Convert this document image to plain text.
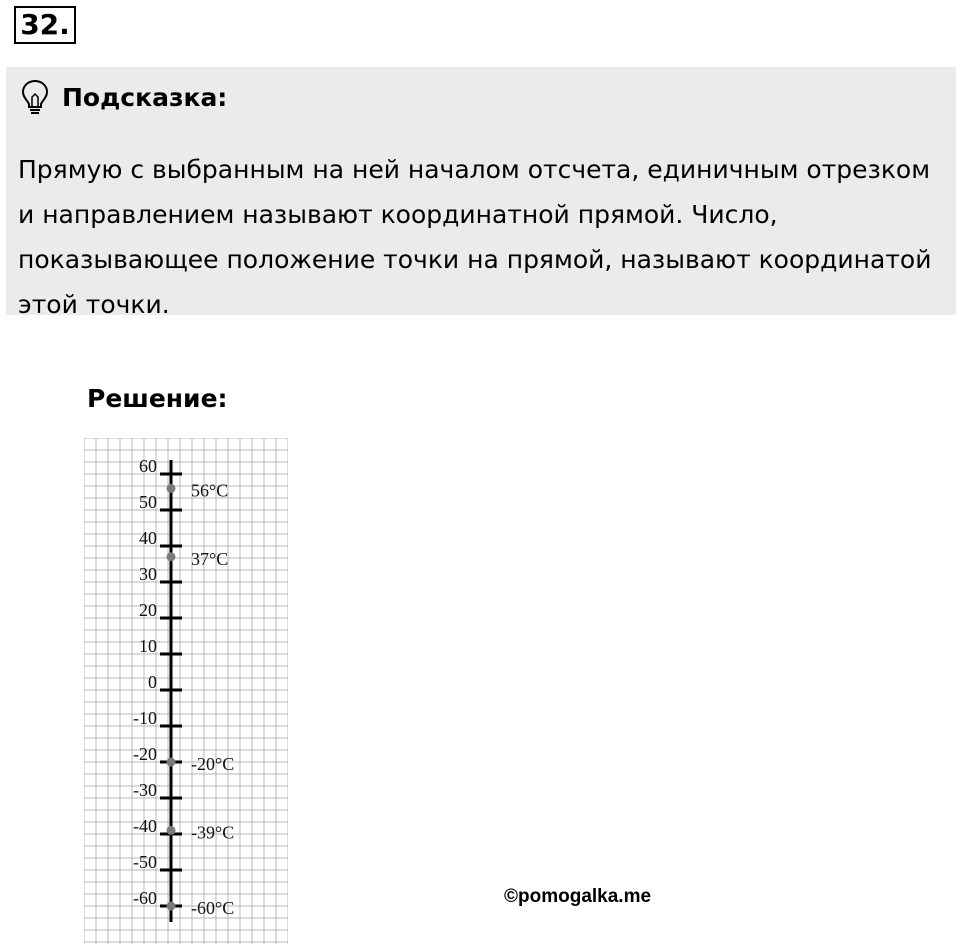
32.
Подсказка:

Прямую с выбранным на ней началом отсчета, единичным отрезком и направлением называют координатной прямой. Число, показывающее положение точки на прямой, называют координатой этой точки.

Решение:
60
50
40
30
20
10
0
-10
-20
-30
-40
-50
-60
56°C
37°C
-20°C
-39°C
-60°C
©pomogalka.me
